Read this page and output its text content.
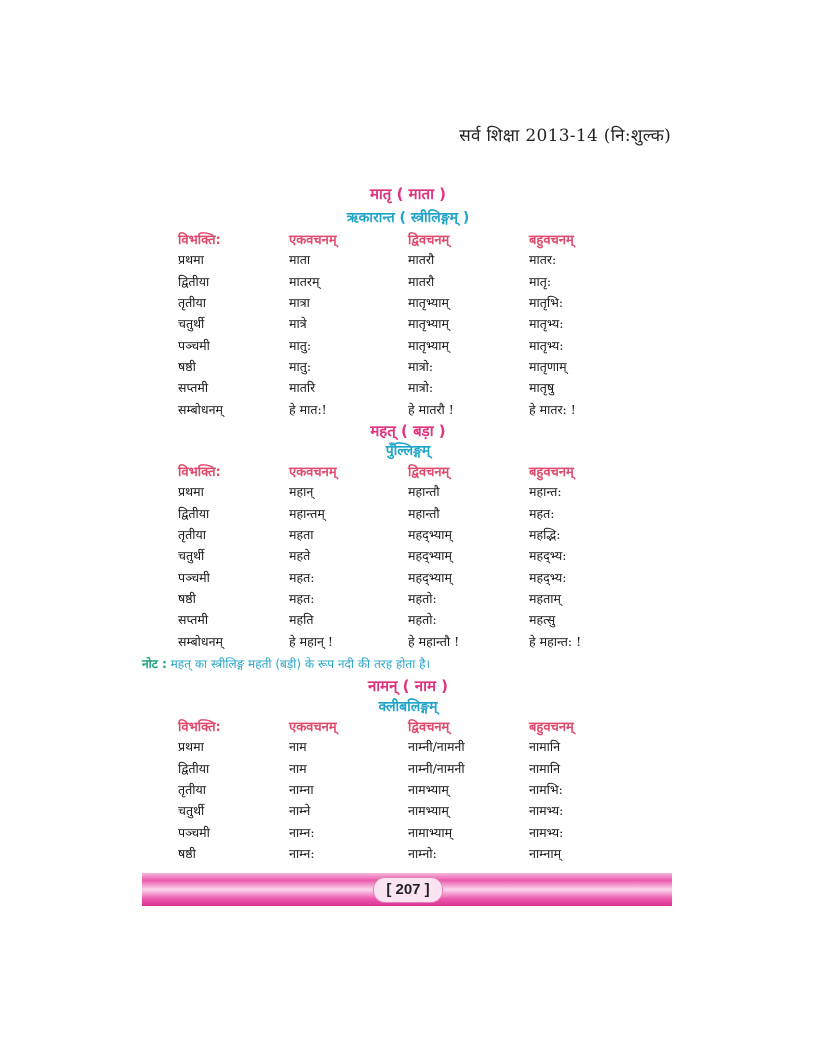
सर्व शिक्षा 2013-14 (नि:शुल्क)
मातृ ( माता )
ऋकारान्त ( स्त्रीलिङ्गम् )
विभक्ति:	एकवचनम्	द्विवचनम्	बहुवचनम्
प्रथमा	माता	मातरौ	मातर:
द्वितीया	मातरम्	मातरौ	मातृ:
तृतीया	मात्रा	मातृभ्याम्	मातृभि:
चतुर्थी	मात्रे	मातृभ्याम्	मातृभ्य:
पञ्चमी	मातु:	मातृभ्याम्	मातृभ्य:
षष्ठी	मातु:	मात्रो:	मातृणाम्
सप्तमी	मातरि	मात्रो:	मातृषु
सम्बोधनम्	हे मात:!	हे मातरौ !	हे मातर: !
महत् ( बड़ा )
पुँल्लिङ्गम्
विभक्ति:	एकवचनम्	द्विवचनम्	बहुवचनम्
प्रथमा	महान्	महान्तौ	महान्त:
द्वितीया	महान्तम्	महान्तौ	महत:
तृतीया	महता	महद्भ्याम्	महद्भि:
चतुर्थी	महते	महद्भ्याम्	महद्भ्य:
पञ्चमी	महत:	महद्भ्याम्	महद्भ्य:
षष्ठी	महत:	महतो:	महताम्
सप्तमी	महति	महतो:	महत्सु
सम्बोधनम्	हे महान् !	हे महान्तौ !	हे महान्त: !
नोट : महत् का स्त्रीलिङ्ग महती (बड़ी) के रूप नदी की तरह होता है।
नामन् ( नाम )
क्लीबलिङ्गम्
विभक्ति:	एकवचनम्	द्विवचनम्	बहुवचनम्
प्रथमा	नाम	नाम्नी/नामनी	नामानि
द्वितीया	नाम	नाम्नी/नामनी	नामानि
तृतीया	नाम्ना	नामभ्याम्	नामभि:
चतुर्थी	नाम्ने	नामभ्याम्	नामभ्य:
पञ्चमी	नाम्न:	नामाभ्याम्	नामभ्य:
षष्ठी	नाम्न:	नाम्नो:	नाम्नाम्
[ 207 ]
